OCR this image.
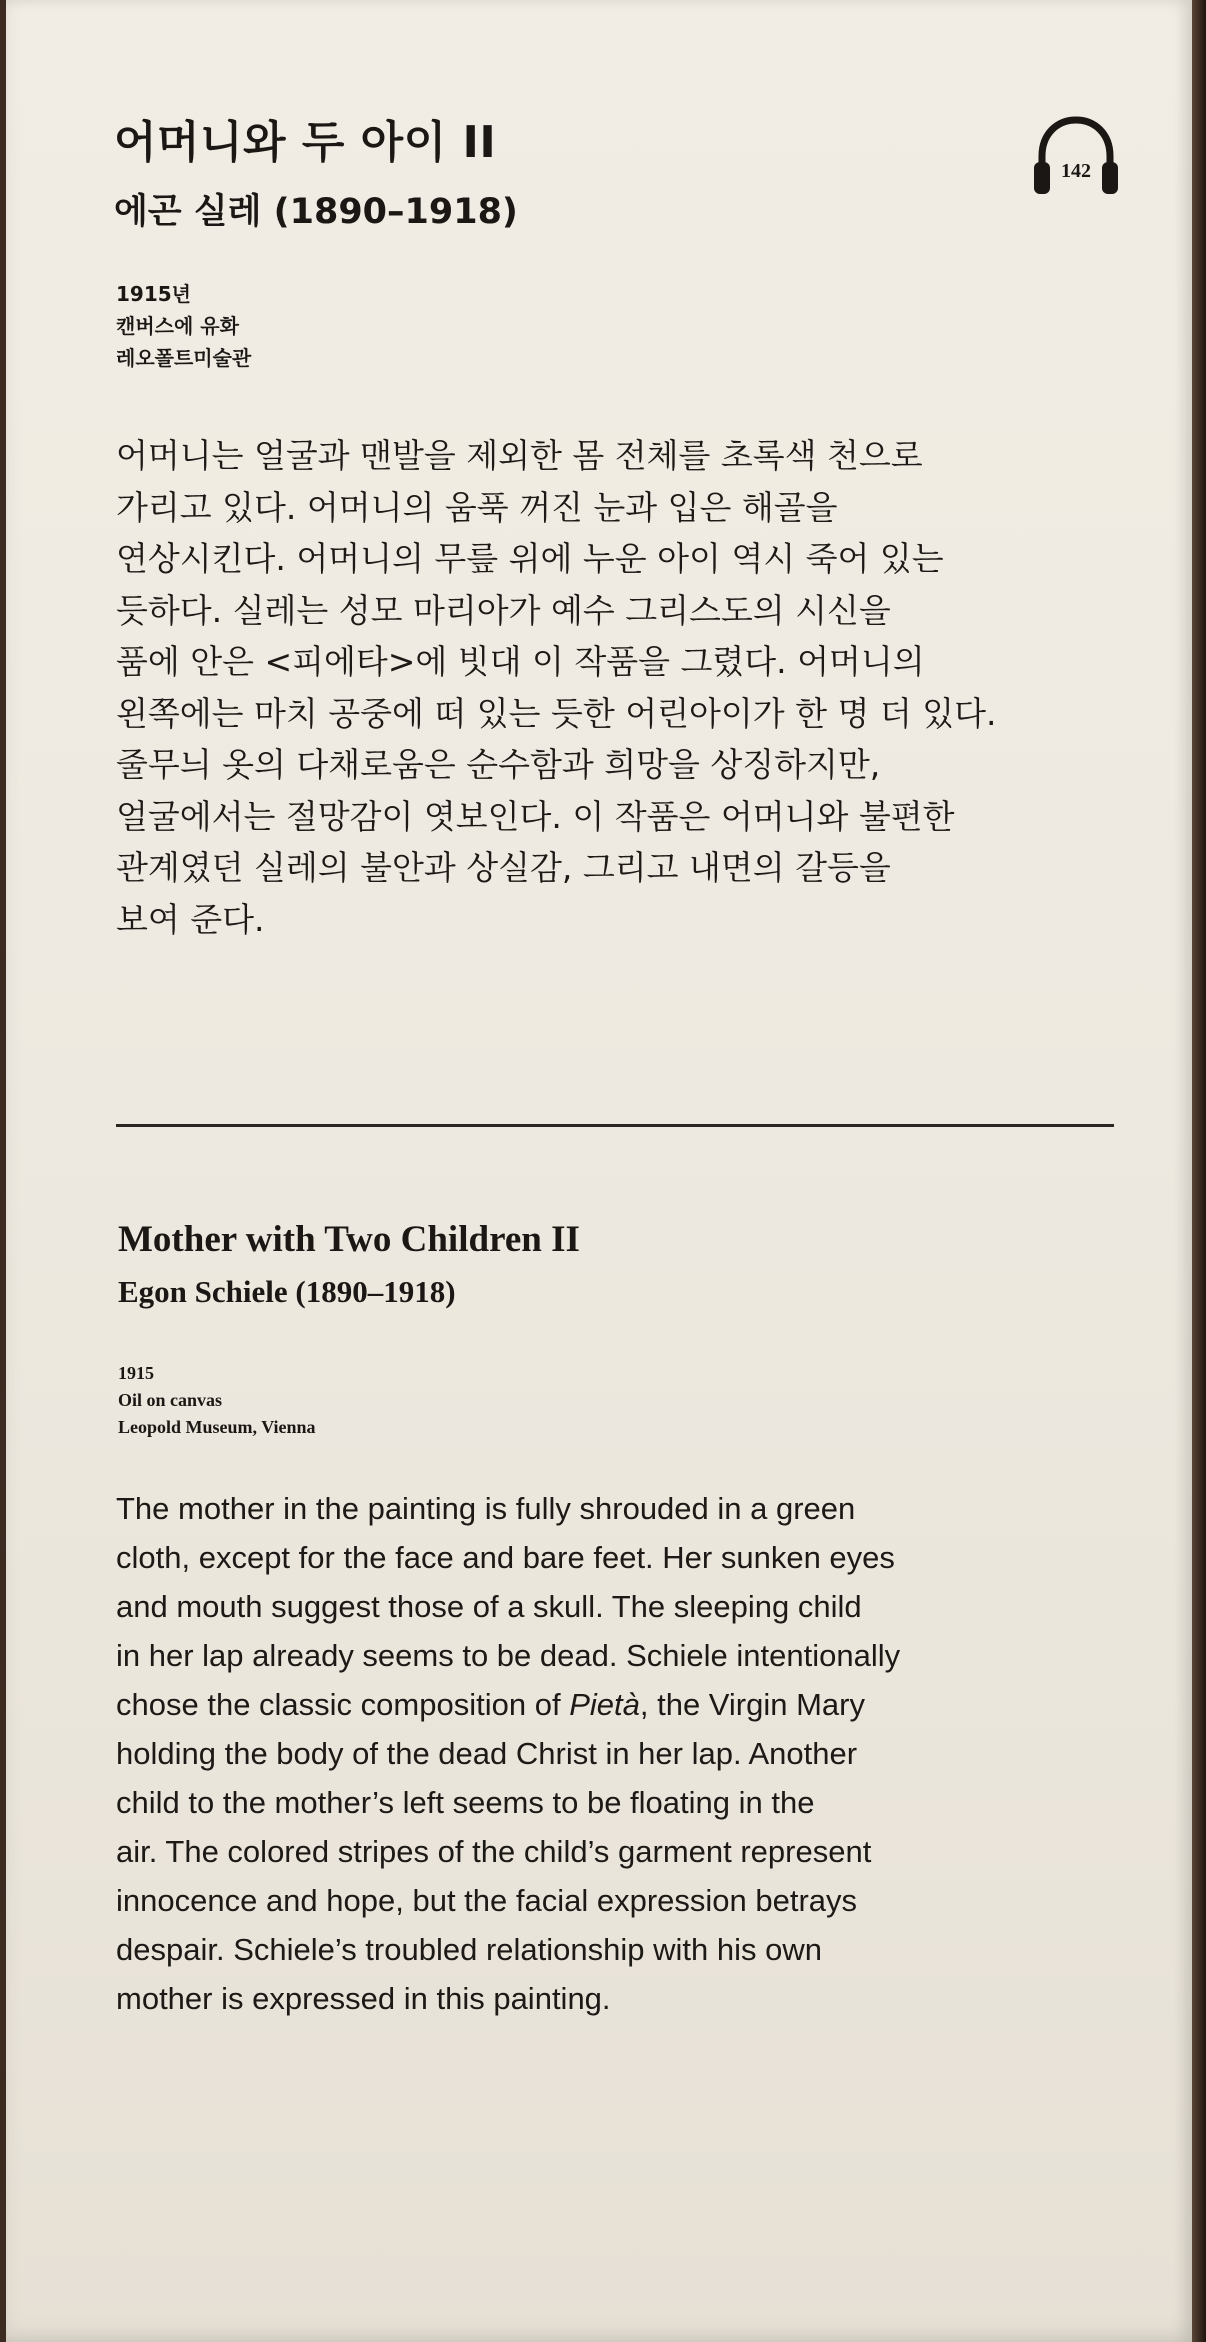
어머니와 두 아이 II
에곤 실레 (1890–1918)
142
1915년
캔버스에 유화
레오폴트미술관
어머니는 얼굴과 맨발을 제외한 몸 전체를 초록색 천으로
가리고 있다. 어머니의 움푹 꺼진 눈과 입은 해골을
연상시킨다. 어머니의 무릎 위에 누운 아이 역시 죽어 있는
듯하다. 실레는 성모 마리아가 예수 그리스도의 시신을
품에 안은 <피에타>에 빗대 이 작품을 그렸다. 어머니의
왼쪽에는 마치 공중에 떠 있는 듯한 어린아이가 한 명 더 있다.
줄무늬 옷의 다채로움은 순수함과 희망을 상징하지만,
얼굴에서는 절망감이 엿보인다. 이 작품은 어머니와 불편한
관계였던 실레의 불안과 상실감, 그리고 내면의 갈등을
보여 준다.
Mother with Two Children II
Egon Schiele (1890–1918)
1915
Oil on canvas
Leopold Museum, Vienna
The mother in the painting is fully shrouded in a green
cloth, except for the face and bare feet. Her sunken eyes
and mouth suggest those of a skull. The sleeping child
in her lap already seems to be dead. Schiele intentionally
chose the classic composition of Pietà, the Virgin Mary
holding the body of the dead Christ in her lap. Another
child to the mother’s left seems to be floating in the
air. The colored stripes of the child’s garment represent
innocence and hope, but the facial expression betrays
despair. Schiele’s troubled relationship with his own
mother is expressed in this painting.
